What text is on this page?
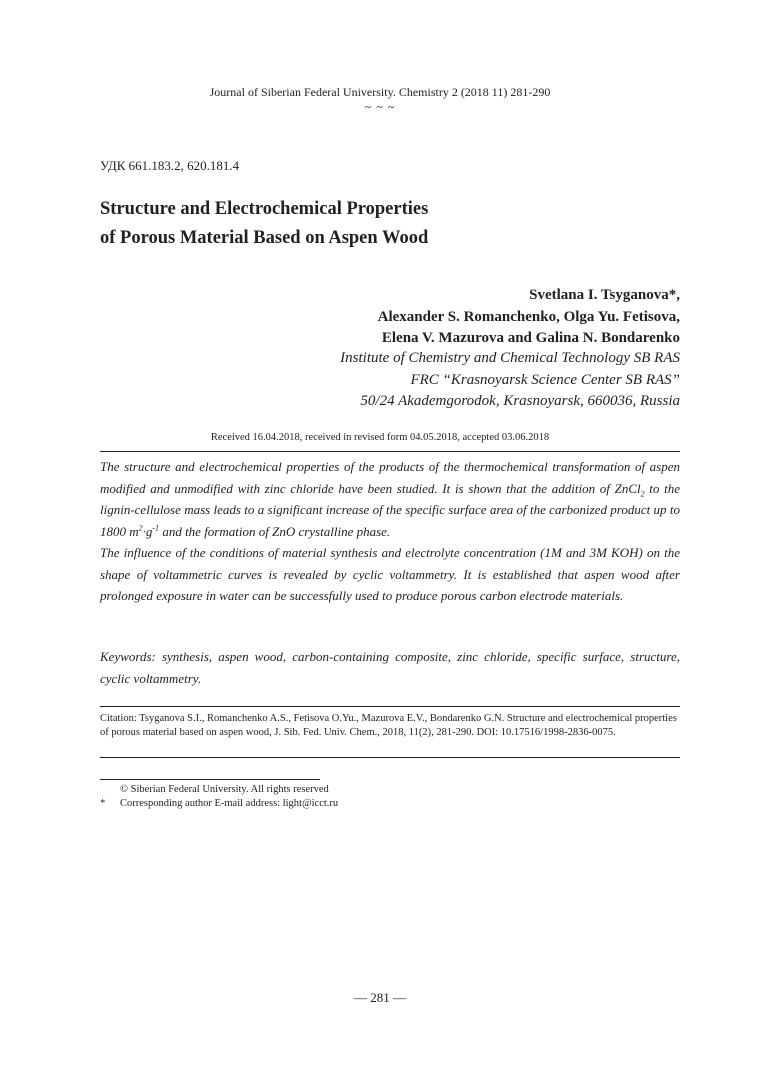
Journal of Siberian Federal University. Chemistry 2 (2018 11) 281-290
~ ~ ~
УДК 661.183.2, 620.181.4
Structure and Electrochemical Properties
of Porous Material Based on Aspen Wood
Svetlana I. Tsyganova*,
Alexander S. Romanchenko, Olga Yu. Fetisova,
Elena V. Mazurova and Galina N. Bondarenko
Institute of Chemistry and Chemical Technology SB RAS
FRC “Krasnoyarsk Science Center SB RAS”
50/24 Akademgorodok, Krasnoyarsk, 660036, Russia
Received 16.04.2018, received in revised form 04.05.2018, accepted 03.06.2018

The structure and electrochemical properties of the products of the thermochemical transformation of aspen modified and unmodified with zinc chloride have been studied. It is shown that the addition of ZnCl$_2$ to the lignin-cellulose mass leads to a significant increase of the specific surface area of the carbonized product up to 1800 $m^2\cdot g^{-1}$ and the formation of ZnO crystalline phase.

The influence of the conditions of material synthesis and electrolyte concentration (1M and 3M KOH) on the shape of voltammetric curves is revealed by cyclic voltammetry. It is established that aspen wood after prolonged exposure in water can be successfully used to produce porous carbon electrode materials.

Keywords: synthesis, aspen wood, carbon-containing composite, zinc chloride, specific surface, structure, cyclic voltammetry.
Citation: Tsyganova S.I., Romanchenko A.S., Fetisova O.Yu., Mazurova E.V., Bondarenko G.N. Structure and electrochemical properties of porous material based on aspen wood, J. Sib. Fed. Univ. Chem., 2018, 11(2), 281-290. DOI: 10.17516/1998-2836-0075.
© Siberian Federal University. All rights reserved
* Corresponding author E-mail address: light@icct.ru
― 281 ―
